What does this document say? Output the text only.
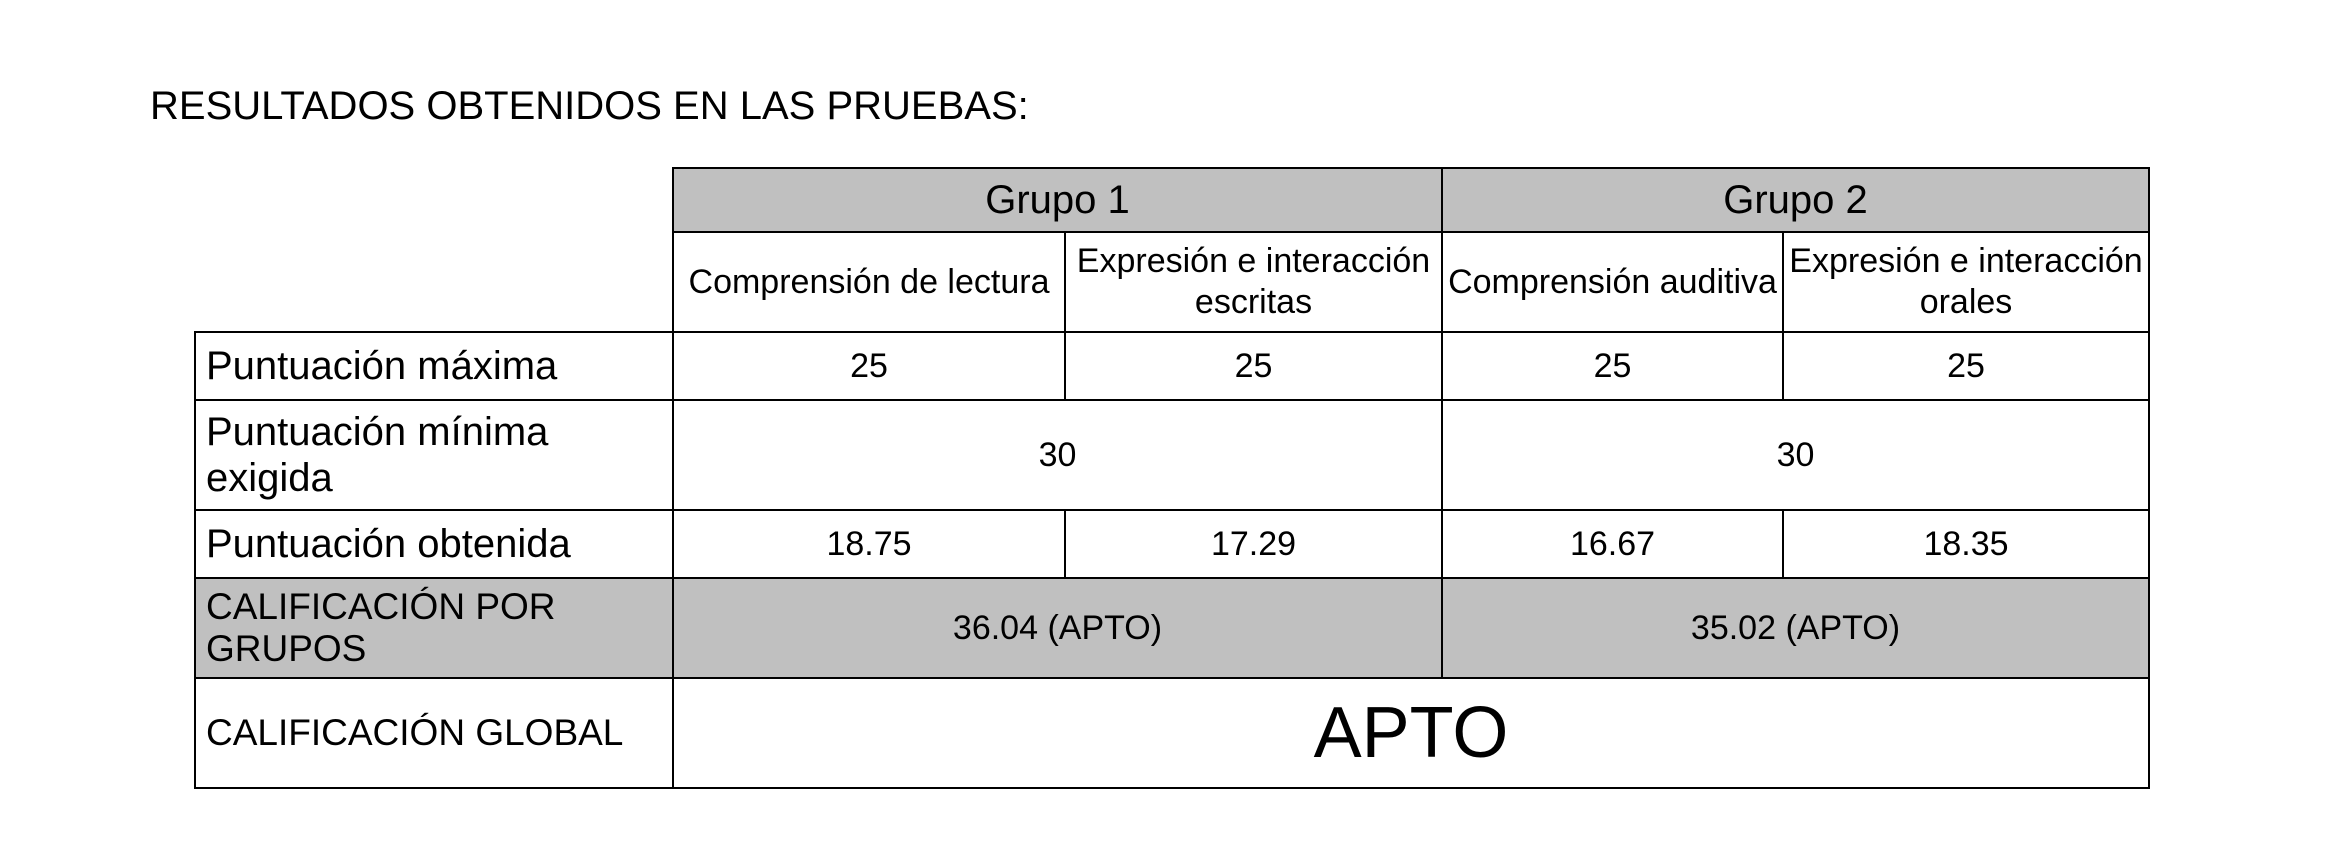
RESULTADOS OBTENIDOS EN LAS PRUEBAS:
	Grupo 1		Grupo 2	
	Comprensión de lectura	Expresión e interacción escritas	Comprensión auditiva	Expresión e interacción orales
Puntuación máxima	25	25	25	25
Puntuación mínima exigida	30		30	
Puntuación obtenida	18.75	17.29	16.67	18.35
CALIFICACIÓN POR GRUPOS	36.04 (APTO)		35.02 (APTO)	
CALIFICACIÓN GLOBAL	APTO			
